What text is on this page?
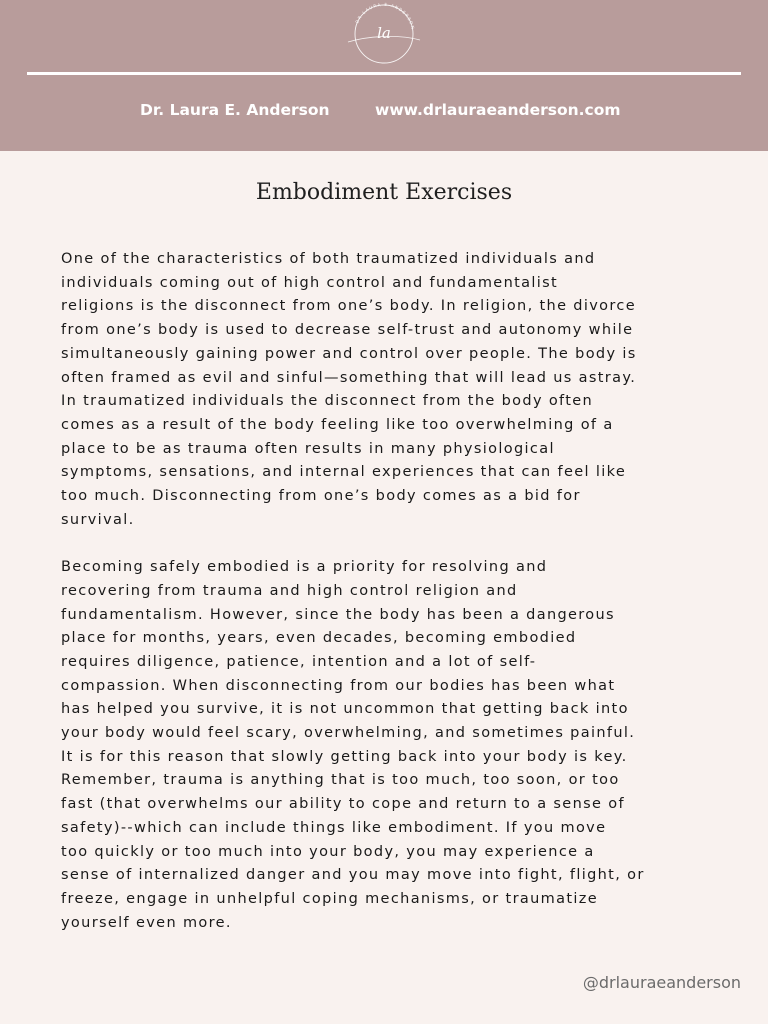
DR LAURA E ANDERSON
la
Dr. Laura E. Anderson	www.drlauraeanderson.com
Embodiment Exercises

One of the characteristics of both traumatized individuals and
individuals coming out of high control and fundamentalist
religions is the disconnect from one’s body. In religion, the divorce
from one’s body is used to decrease self-trust and autonomy while
simultaneously gaining power and control over people. The body is
often framed as evil and sinful—something that will lead us astray.
In traumatized individuals the disconnect from the body often
comes as a result of the body feeling like too overwhelming of a
place to be as trauma often results in many physiological
symptoms, sensations, and internal experiences that can feel like
too much. Disconnecting from one’s body comes as a bid for
survival.

Becoming safely embodied is a priority for resolving and
recovering from trauma and high control religion and
fundamentalism. However, since the body has been a dangerous
place for months, years, even decades, becoming embodied
requires diligence, patience, intention and a lot of self-
compassion. When disconnecting from our bodies has been what
has helped you survive, it is not uncommon that getting back into
your body would feel scary, overwhelming, and sometimes painful.
It is for this reason that slowly getting back into your body is key.
Remember, trauma is anything that is too much, too soon, or too
fast (that overwhelms our ability to cope and return to a sense of
safety)--which can include things like embodiment. If you move
too quickly or too much into your body, you may experience a
sense of internalized danger and you may move into fight, flight, or
freeze, engage in unhelpful coping mechanisms, or traumatize
yourself even more.

@drlauraeanderson
